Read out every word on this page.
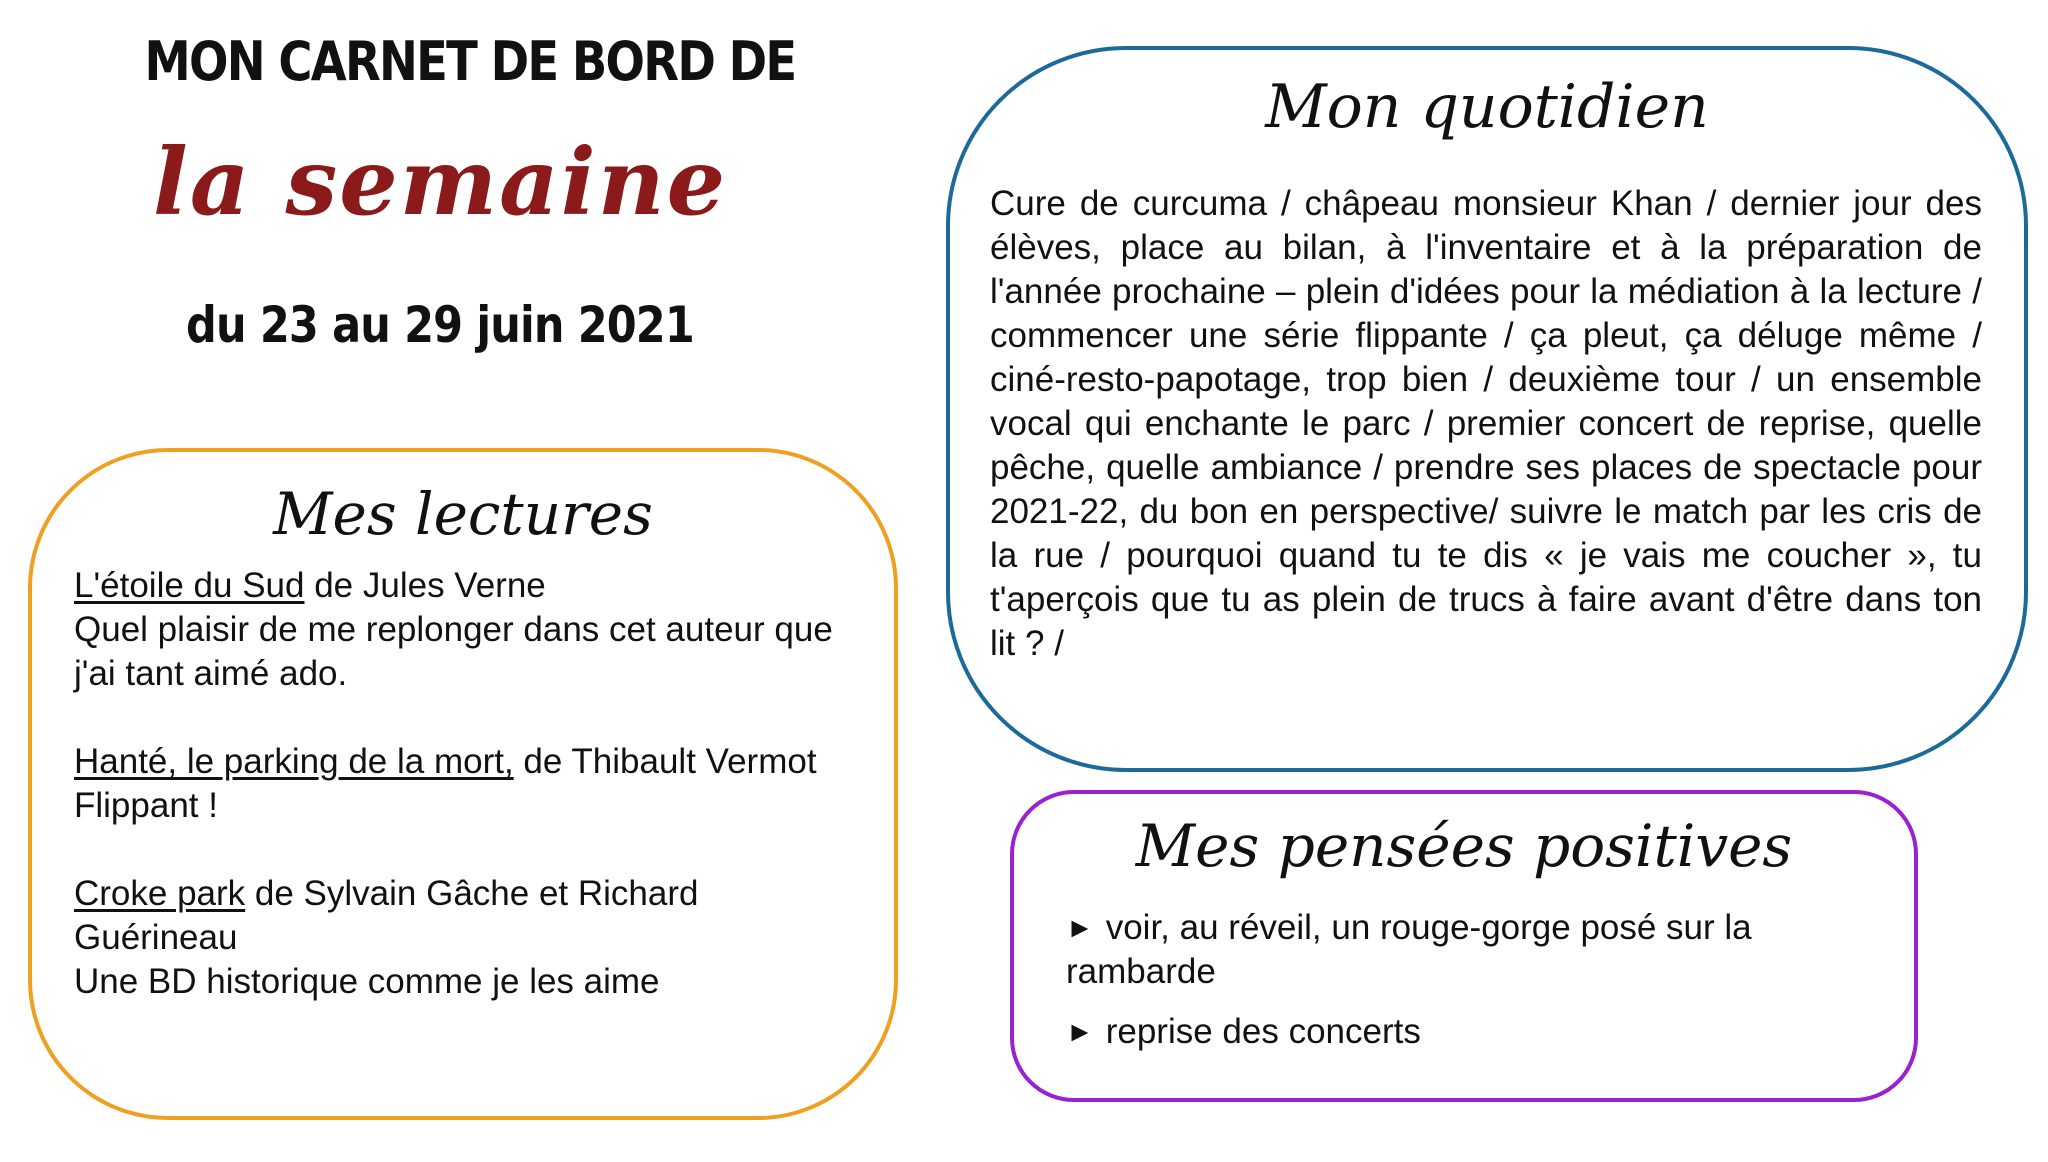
MON CARNET DE BORD DE
la semaine
du 23 au 29 juin 2021
Mes lectures
L'étoile du Sud de Jules Verne
Quel plaisir de me replonger dans cet auteur que j'ai tant aimé ado.
Hanté, le parking de la mort, de Thibault Vermot
Flippant !
Croke park de Sylvain Gâche et Richard Guérineau
Une BD historique comme je les aime
Mon quotidien
Cure de curcuma / châpeau monsieur Khan / dernier jour des élèves, place au bilan, à l'inventaire et à la préparation de l'année prochaine – plein d'idées pour la médiation à la lecture / commencer une série flippante / ça pleut, ça déluge même / ciné-resto-papotage, trop bien / deuxième tour / un ensemble vocal qui enchante le parc / premier concert de reprise, quelle pêche, quelle ambiance / prendre ses places de spectacle pour 2021-22, du bon en perspective/ suivre le match par les cris de la rue / pourquoi quand tu te dis « je vais me coucher », tu t'aperçois que tu as plein de trucs à faire avant d'être dans ton lit ? /
Mes pensées positives
► voir, au réveil, un rouge-gorge posé sur la rambarde
► reprise des concerts
